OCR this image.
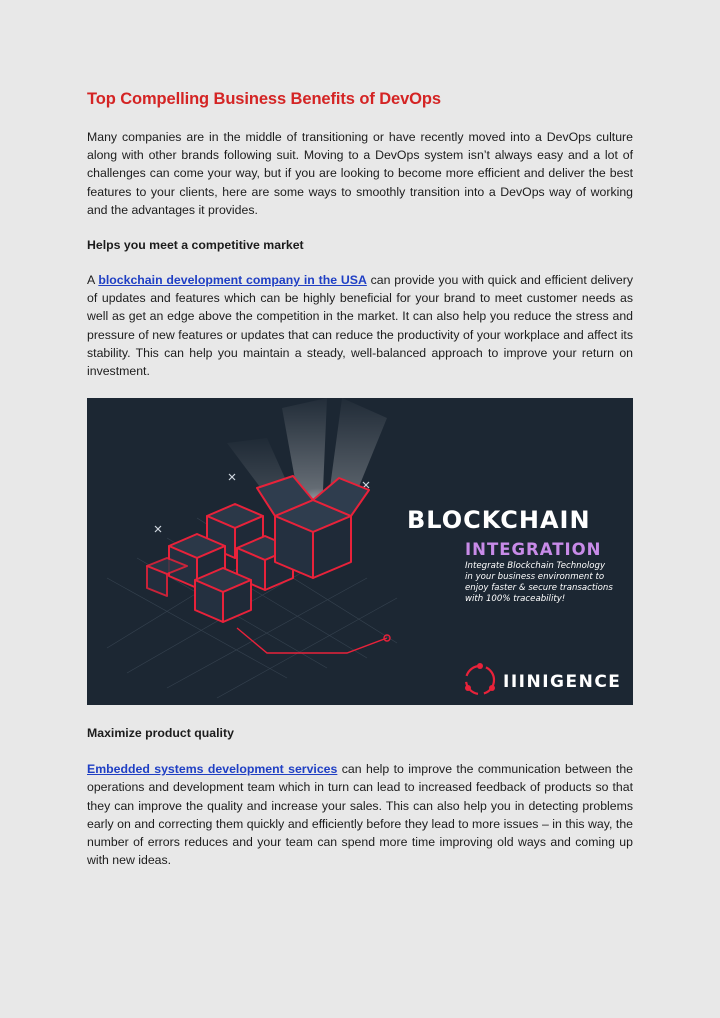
Top Compelling Business Benefits of DevOps

Many companies are in the middle of transitioning or have recently moved into a DevOps culture along with other brands following suit. Moving to a DevOps system isn’t always easy and a lot of challenges can come your way, but if you are looking to become more efficient and deliver the best features to your clients, here are some ways to smoothly transition into a DevOps way of working and the advantages it provides.

Helps you meet a competitive market

A blockchain development company in the USA can provide you with quick and efficient delivery of updates and features which can be highly beneficial for your brand to meet customer needs as well as get an edge above the competition in the market. It can also help you reduce the stress and pressure of new features or updates that can reduce the productivity of your workplace and affect its stability. This can help you maintain a steady, well-balanced approach to improve your return on investment.

BLOCKCHAIN
INTEGRATION
Integrate Blockchain Technology
in your business environment to
enjoy faster & secure transactions
with 100% traceability!
IIINIGENCE
Maximize product quality

Embedded systems development services can help to improve the communication between the operations and development team which in turn can lead to increased feedback of products so that they can improve the quality and increase your sales. This can also help you in detecting problems early on and correcting them quickly and efficiently before they lead to more issues – in this way, the number of errors reduces and your team can spend more time improving old ways and coming up with new ideas.
